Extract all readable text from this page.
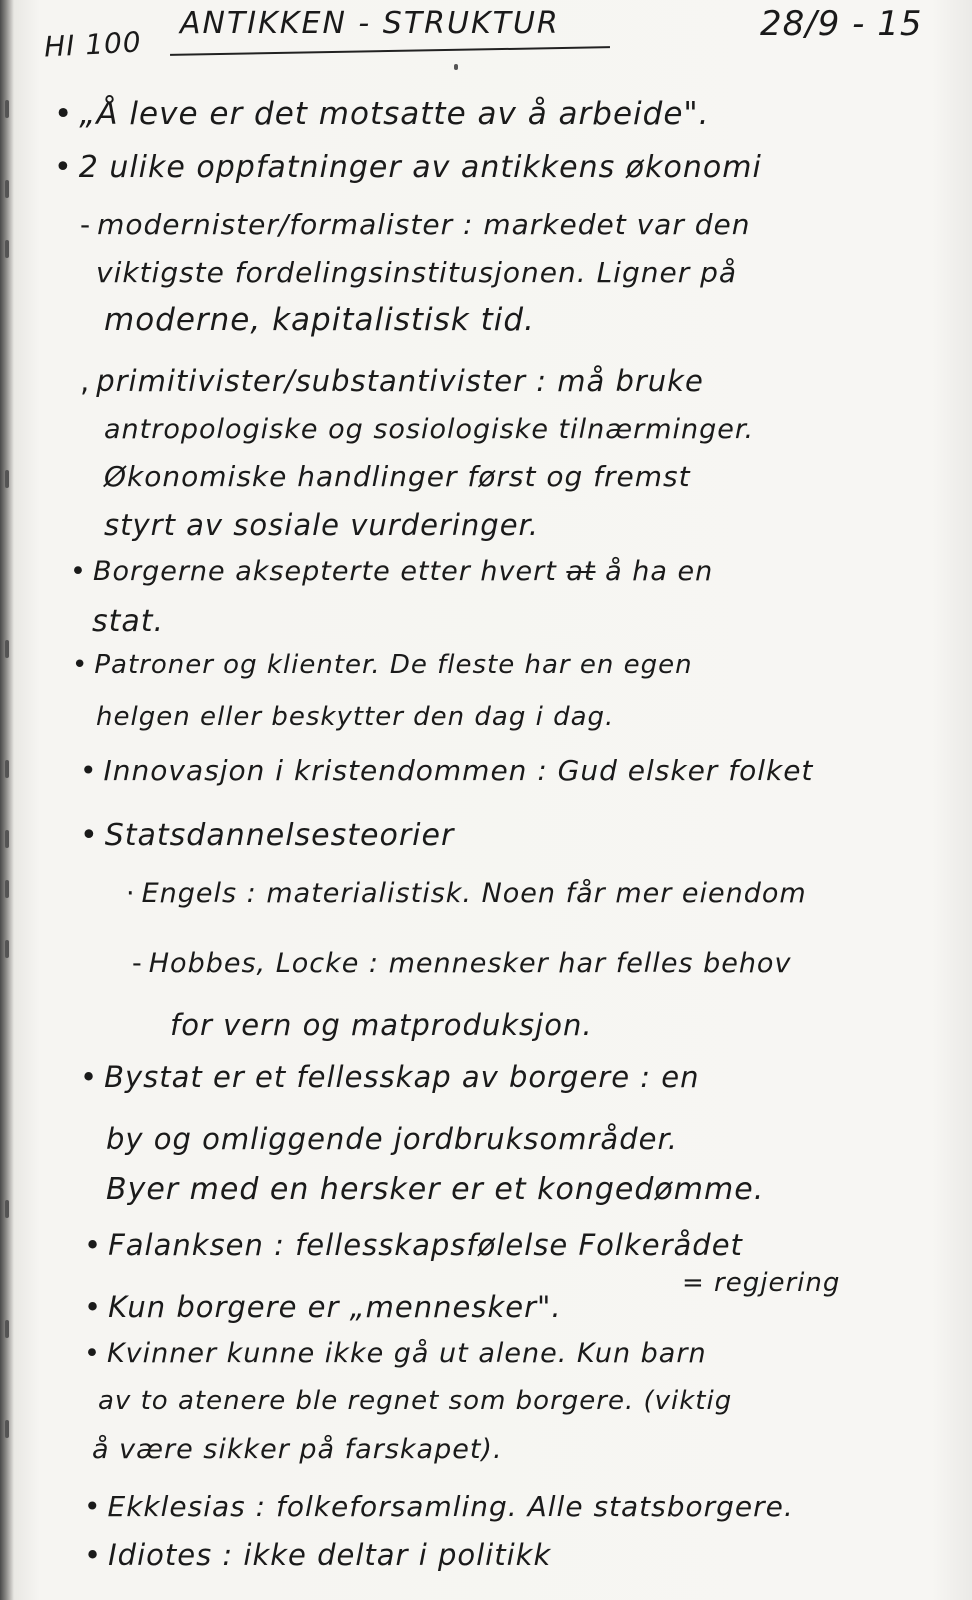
HI 100
ANTIKKEN - STRUKTUR	28/9 - 15
• „Å leve er det motsatte av å arbeide".
• 2 ulike oppfatninger av antikkens økonomi
- modernister/formalister : markedet var den
viktigste fordelingsinstitusjonen. Ligner på
moderne, kapitalistisk tid.
, primitivister/substantivister : må bruke
antropologiske og sosiologiske tilnærminger.
Økonomiske handlinger først og fremst
styrt av sosiale vurderinger.
• Borgerne aksepterte etter hvert at å ha en
stat.
• Patroner og klienter. De fleste har en egen
helgen eller beskytter den dag i dag.
• Innovasjon i kristendommen : Gud elsker folket
• Statsdannelsesteorier
· Engels : materialistisk. Noen får mer eiendom
- Hobbes, Locke : mennesker har felles behov
for vern og matproduksjon.
• Bystat er et fellesskap av borgere : en
by og omliggende jordbruksområder.
Byer med en hersker er et kongedømme.
• Falanksen : fellesskapsfølelse Folkerådet
= regjering
• Kun borgere er „mennesker".
• Kvinner kunne ikke gå ut alene. Kun barn
av to atenere ble regnet som borgere. (viktig
å være sikker på farskapet).
• Ekklesias : folkeforsamling. Alle statsborgere.
• Idiotes : ikke deltar i politikk
